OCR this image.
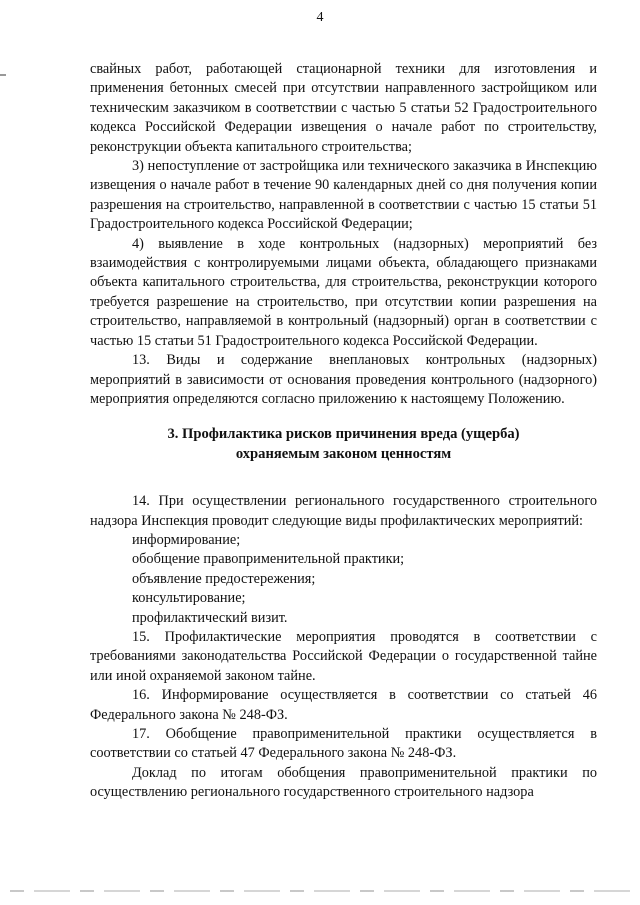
4

свайных работ, работающей стационарной техники для изготовления и применения бетонных смесей при отсутствии направленного застройщиком или техническим заказчиком в соответствии с частью 5 статьи 52 Градостроительного кодекса Российской Федерации извещения о начале работ по строительству, реконструкции объекта капитального строительства;

3) непоступление от застройщика или технического заказчика в Инспекцию извещения о начале работ в течение 90 календарных дней со дня получения копии разрешения на строительство, направленной в соответствии с частью 15 статьи 51 Градостроительного кодекса Российской Федерации;

4) выявление в ходе контрольных (надзорных) мероприятий без взаимодействия с контролируемыми лицами объекта, обладающего признаками объекта капитального строительства, для строительства, реконструкции которого требуется разрешение на строительство, при отсутствии копии разрешения на строительство, направляемой в контрольный (надзорный) орган в соответствии с частью 15 статьи 51 Градостроительного кодекса Российской Федерации.

13. Виды и содержание внеплановых контрольных (надзорных) мероприятий в зависимости от основания проведения контрольного (надзорного) мероприятия определяются согласно приложению к настоящему Положению.

3. Профилактика рисков причинения вреда (ущерба)

охраняемым законом ценностям

14. При осуществлении регионального государственного строительного надзора Инспекция проводит следующие виды профилактических мероприятий:

информирование;

обобщение правоприменительной практики;

объявление предостережения;

консультирование;

профилактический визит.

15. Профилактические мероприятия проводятся в соответствии с требованиями законодательства Российской Федерации о государственной тайне или иной охраняемой законом тайне.

16. Информирование осуществляется в соответствии со статьей 46 Федерального закона № 248-ФЗ.

17. Обобщение правоприменительной практики осуществляется в соответствии со статьей 47 Федерального закона № 248-ФЗ.

Доклад по итогам обобщения правоприменительной практики по осуществлению регионального государственного строительного надзора
